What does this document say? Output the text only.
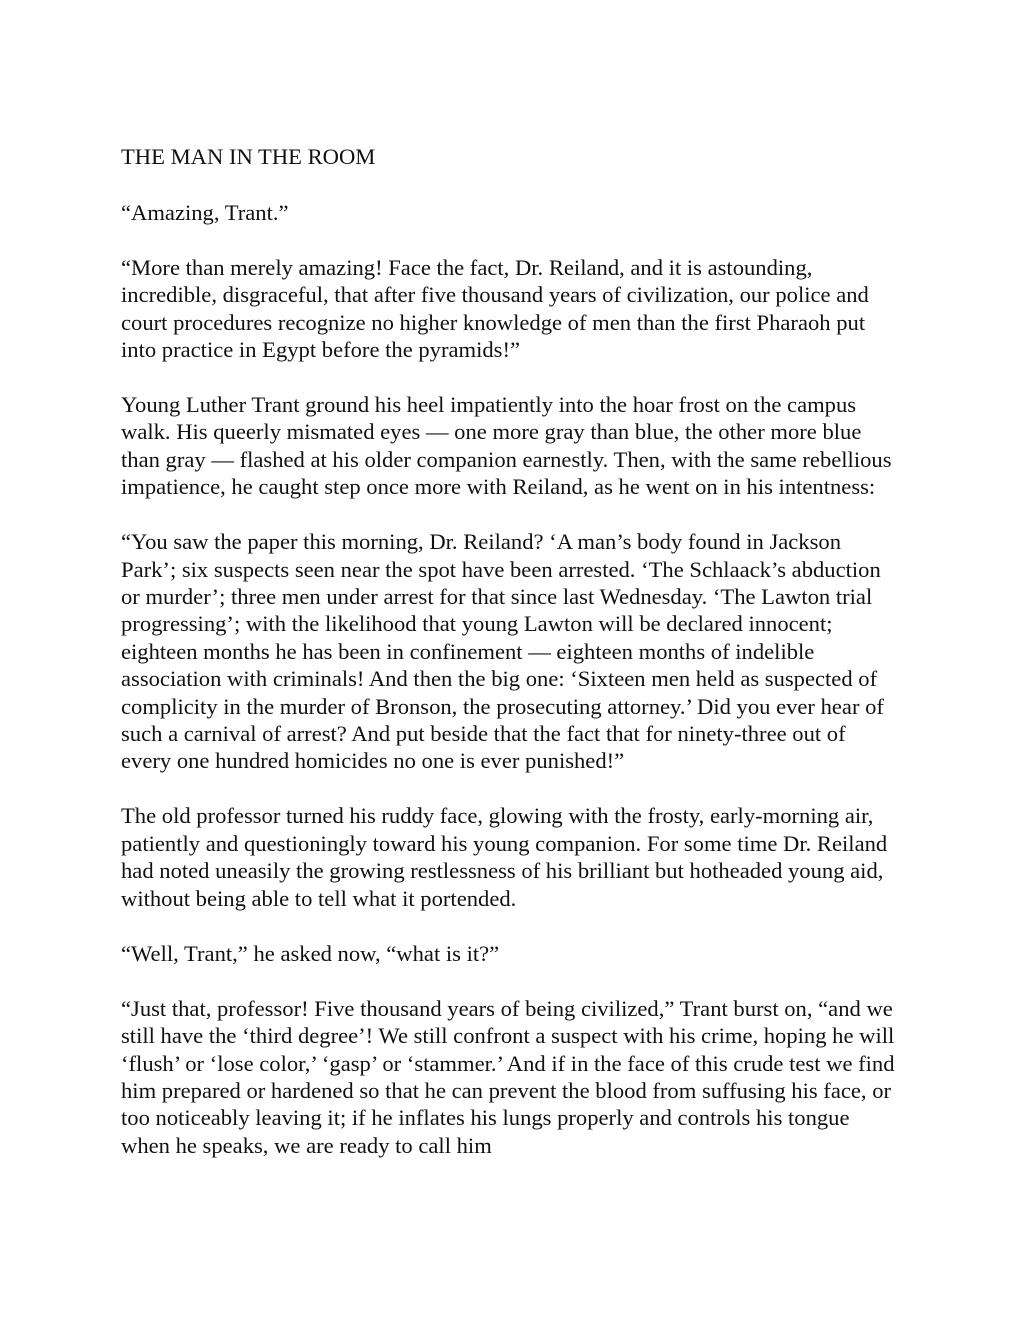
THE MAN IN THE ROOM

“Amazing, Trant.”

“More than merely amazing! Face the fact, Dr. Reiland, and it is astounding, incredible, disgraceful, that after five thousand years of civilization, our police and court procedures recognize no higher knowledge of men than the first Pharaoh put into practice in Egypt before the pyramids!”

Young Luther Trant ground his heel impatiently into the hoar frost on the campus walk. His queerly mismated eyes — one more gray than blue, the other more blue than gray — flashed at his older companion earnestly. Then, with the same rebellious impatience, he caught step once more with Reiland, as he went on in his intentness:

“You saw the paper this morning, Dr. Reiland? ‘A man’s body found in Jackson Park’; six suspects seen near the spot have been arrested. ‘The Schlaack’s abduction or murder’; three men under arrest for that since last Wednesday. ‘The Lawton trial progressing’; with the likelihood that young Lawton will be declared innocent; eighteen months he has been in confinement — eighteen months of indelible association with criminals! And then the big one: ‘Sixteen men held as suspected of complicity in the murder of Bronson, the prosecuting attorney.’ Did you ever hear of such a carnival of arrest? And put beside that the fact that for ninety-three out of every one hundred homicides no one is ever punished!”

The old professor turned his ruddy face, glowing with the frosty, early-morning air, patiently and questioningly toward his young companion. For some time Dr. Reiland had noted uneasily the growing restlessness of his brilliant but hotheaded young aid, without being able to tell what it portended.

“Well, Trant,” he asked now, “what is it?”

“Just that, professor! Five thousand years of being civilized,” Trant burst on, “and we still have the ‘third degree’! We still confront a suspect with his crime, hoping he will ‘flush’ or ‘lose color,’ ‘gasp’ or ‘stammer.’ And if in the face of this crude test we find him prepared or hardened so that he can prevent the blood from suffusing his face, or too noticeably leaving it; if he inflates his lungs properly and controls his tongue when he speaks, we are ready to call him
